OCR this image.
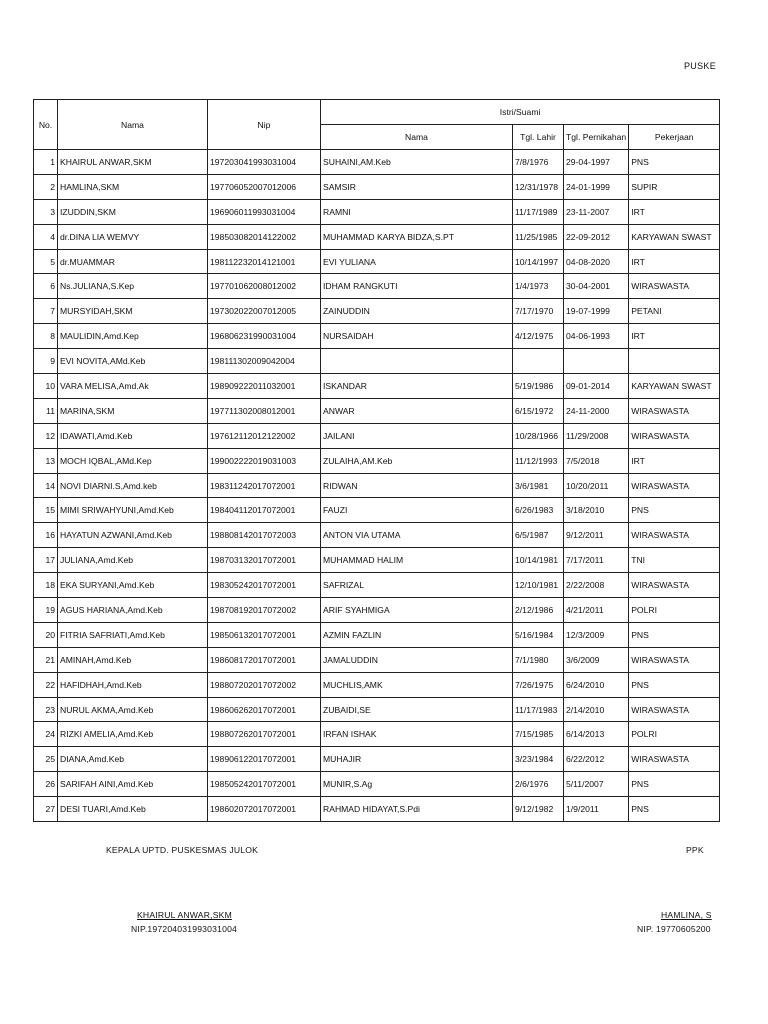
PUSKE
No.	Nama	Nip	Istri/Suami			
			Nama	Tgl. Lahir	Tgl. Pernikahan	Pekerjaan
1	KHAIRUL ANWAR,SKM	197203041993031004	SUHAINI,AM.Keb	7/8/1976	29-04-1997	PNS
2	HAMLINA,SKM	197706052007012006	SAMSIR	12/31/1978	24-01-1999	SUPIR
3	IZUDDIN,SKM	196906011993031004	RAMNI	11/17/1989	23-11-2007	IRT
4	dr.DINA LIA WEMVY	198503082014122002	MUHAMMAD KARYA BIDZA,S.PT	11/25/1985	22-09-2012	KARYAWAN SWAST
5	dr.MUAMMAR	198112232014121001	EVI YULIANA	10/14/1997	04-08-2020	IRT
6	Ns.JULIANA,S.Kep	197701062008012002	IDHAM RANGKUTI	1/4/1973	30-04-2001	WIRASWASTA
7	MURSYIDAH,SKM	197302022007012005	ZAINUDDIN	7/17/1970	19-07-1999	PETANI
8	MAULIDIN,Amd.Kep	196806231990031004	NURSAIDAH	4/12/1975	04-06-1993	IRT
9	EVI NOVITA,AMd.Keb	198111302009042004				
10	VARA MELISA,Amd.Ak	198909222011032001	ISKANDAR	5/19/1986	09-01-2014	KARYAWAN SWAST
11	MARINA,SKM	197711302008012001	ANWAR	6/15/1972	24-11-2000	WIRASWASTA
12	IDAWATI,Amd.Keb	197612112012122002	JAILANI	10/28/1966	11/29/2008	WIRASWASTA
13	MOCH IQBAL,AMd.Kep	199002222019031003	ZULAIHA,AM.Keb	11/12/1993	7/5/2018	IRT
14	NOVI DIARNI.S,Amd.keb	198311242017072001	RIDWAN	3/6/1981	10/20/2011	WIRASWASTA
15	MIMI SRIWAHYUNI,Amd.Keb	198404112017072001	FAUZI	6/26/1983	3/18/2010	PNS
16	HAYATUN AZWANI,Amd.Keb	198808142017072003	ANTON VIA UTAMA	6/5/1987	9/12/2011	WIRASWASTA
17	JULIANA,Amd.Keb	198703132017072001	MUHAMMAD HALIM	10/14/1981	7/17/2011	TNI
18	EKA SURYANI,Amd.Keb	198305242017072001	SAFRIZAL	12/10/1981	2/22/2008	WIRASWASTA
19	AGUS HARIANA,Amd.Keb	198708192017072002	ARIF SYAHMIGA	2/12/1986	4/21/2011	POLRI
20	FITRIA SAFRIATI,Amd.Keb	198506132017072001	AZMIN FAZLIN	5/16/1984	12/3/2009	PNS
21	AMINAH,Amd.Keb	198608172017072001	JAMALUDDIN	7/1/1980	3/6/2009	WIRASWASTA
22	HAFIDHAH,Amd.Keb	198807202017072002	MUCHLIS,AMK	7/26/1975	6/24/2010	PNS
23	NURUL AKMA,Amd.Keb	198606262017072001	ZUBAIDI,SE	11/17/1983	2/14/2010	WIRASWASTA
24	RIZKI AMELIA,Amd.Keb	198807262017072001	IRFAN ISHAK	7/15/1985	6/14/2013	POLRI
25	DIANA,Amd.Keb	198906122017072001	MUHAJIR	3/23/1984	6/22/2012	WIRASWASTA
26	SARIFAH AINI,Amd.Keb	198505242017072001	MUNIR,S.Ag	2/6/1976	5/11/2007	PNS
27	DESI TUARI,Amd.Keb	198602072017072001	RAHMAD HIDAYAT,S.Pdi	9/12/1982	1/9/2011	PNS
KEPALA UPTD. PUSKESMAS JULOK	PPK
KHAIRUL ANWAR,SKM
NIP.197204031993031004
HAMLINA, S
NIP. 19770605200
